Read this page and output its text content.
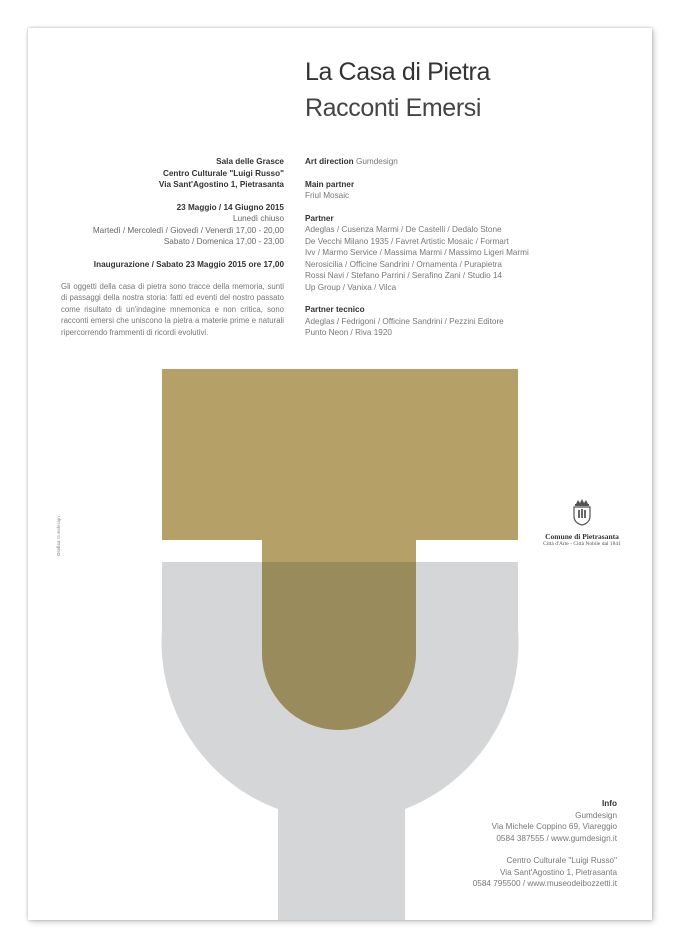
La Casa di Pietra
Racconti Emersi
Sala delle Grasce
Centro Culturale "Luigi Russo"
Via Sant'Agostino 1, Pietrasanta
23 Maggio / 14 Giugno 2015
Lunedì chiuso
Martedì / Mercoledì / Giovedì / Venerdì 17,00 - 20,00
Sabato / Domenica 17,00 - 23,00
Inaugurazione / Sabato 23 Maggio 2015 ore 17,00
Gli oggetti della casa di pietra sono tracce della memoria, sunti di passaggi della nostra storia: fatti ed eventi del nostro passato come risultato di un'indagine mnemonica e non critica, sono racconti emersi che uniscono la pietra a materie prime e naturali ripercorrendo frammenti di ricordi evolutivi.
Art direction Gumdesign
Main partner
Friul Mosaic
Partner
Adeglas / Cusenza Marmi / De Castelli / Dedalo Stone
De Vecchi Milano 1935 / Favret Artistic Mosaic / Formart
Ivv / Marmo Service / Massima Marmi / Massimo Ligeri Marmi
Nerosicilia / Officine Sandrini / Ornamenta / Purapietra
Rossi Navi / Stefano Parrini / Serafino Zani / Studio 14
Up Group / Vanixa / Vilca
Partner tecnico
Adeglas / Fedrigoni / Officine Sandrini / Pezzini Editore
Punto Neon / Riva 1920
Grafica Gumdesign	Comune di Pietrasanta
Città d'Arte - Città Nobile dal 1841
Info
Gumdesign
Via Michele Coppino 69, Viareggio
0584 387555 / www.gumdesign.it
Centro Culturale "Luigi Russo"
Via Sant'Agostino 1, Pietrasanta
0584 795500 / www.museodeibozzetti.it
